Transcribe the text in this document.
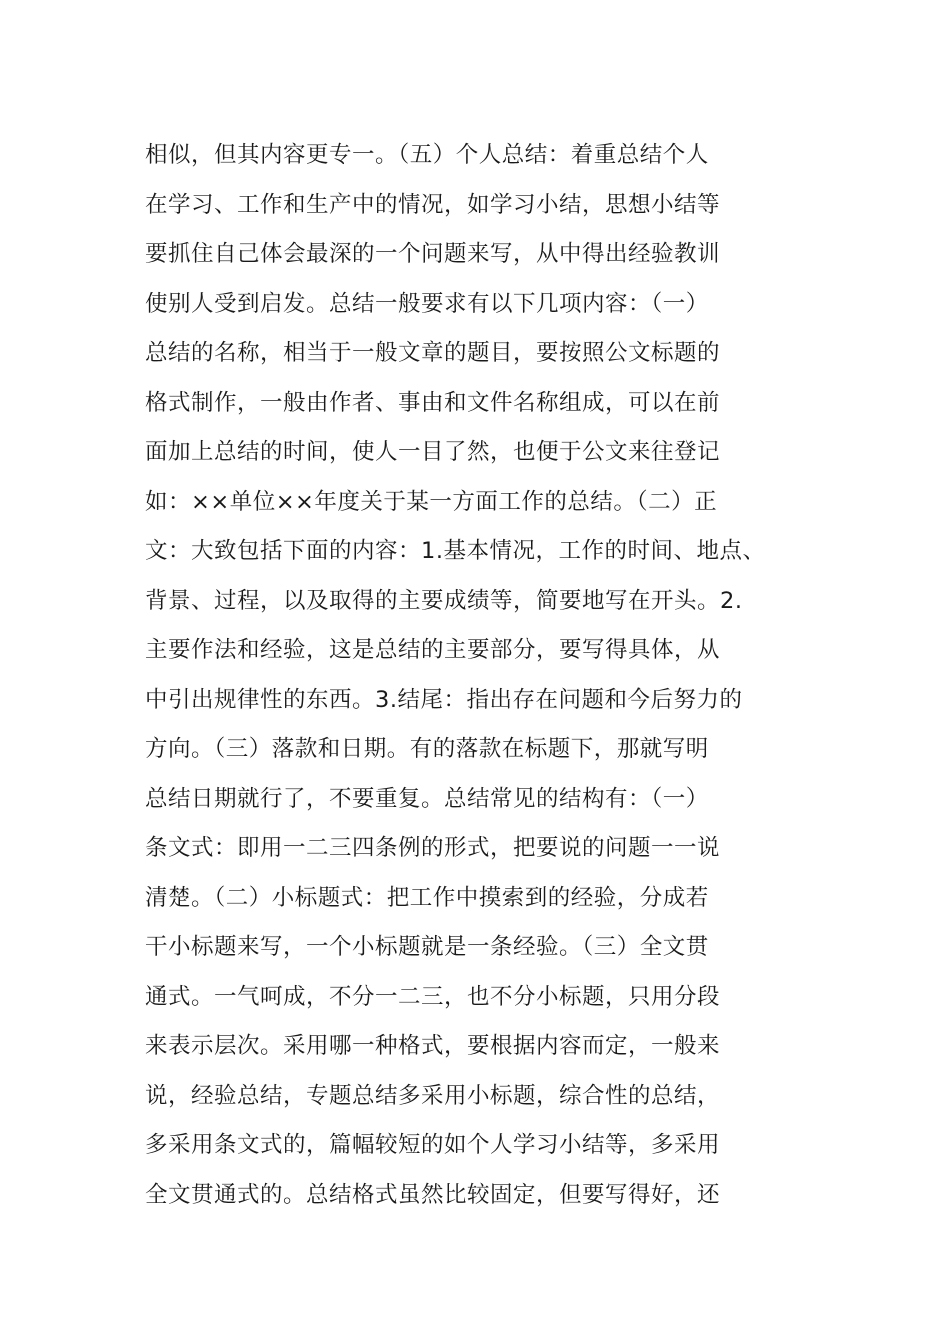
相似，但其内容更专一。（五）个人总结：着重总结个人
在学习、工作和生产中的情况，如学习小结，思想小结等
要抓住自己体会最深的一个问题来写，从中得出经验教训
使别人受到启发。总结一般要求有以下几项内容：（一）
总结的名称，相当于一般文章的题目，要按照公文标题的
格式制作，一般由作者、事由和文件名称组成，可以在前
面加上总结的时间，使人一目了然，也便于公文来往登记
如：××单位××年度关于某一方面工作的总结。（二）正
文：大致包括下面的内容：1.基本情况，工作的时间、地点、
背景、过程，以及取得的主要成绩等，简要地写在开头。2.
主要作法和经验，这是总结的主要部分，要写得具体，从
中引出规律性的东西。3.结尾：指出存在问题和今后努力的
方向。（三）落款和日期。有的落款在标题下，那就写明
总结日期就行了，不要重复。总结常见的结构有：（一）
条文式：即用一二三四条例的形式，把要说的问题一一说
清楚。（二）小标题式：把工作中摸索到的经验，分成若
干小标题来写，一个小标题就是一条经验。（三）全文贯
通式。一气呵成，不分一二三，也不分小标题，只用分段
来表示层次。采用哪一种格式，要根据内容而定，一般来
说，经验总结，专题总结多采用小标题，综合性的总结，
多采用条文式的，篇幅较短的如个人学习小结等，多采用
全文贯通式的。总结格式虽然比较固定，但要写得好，还
